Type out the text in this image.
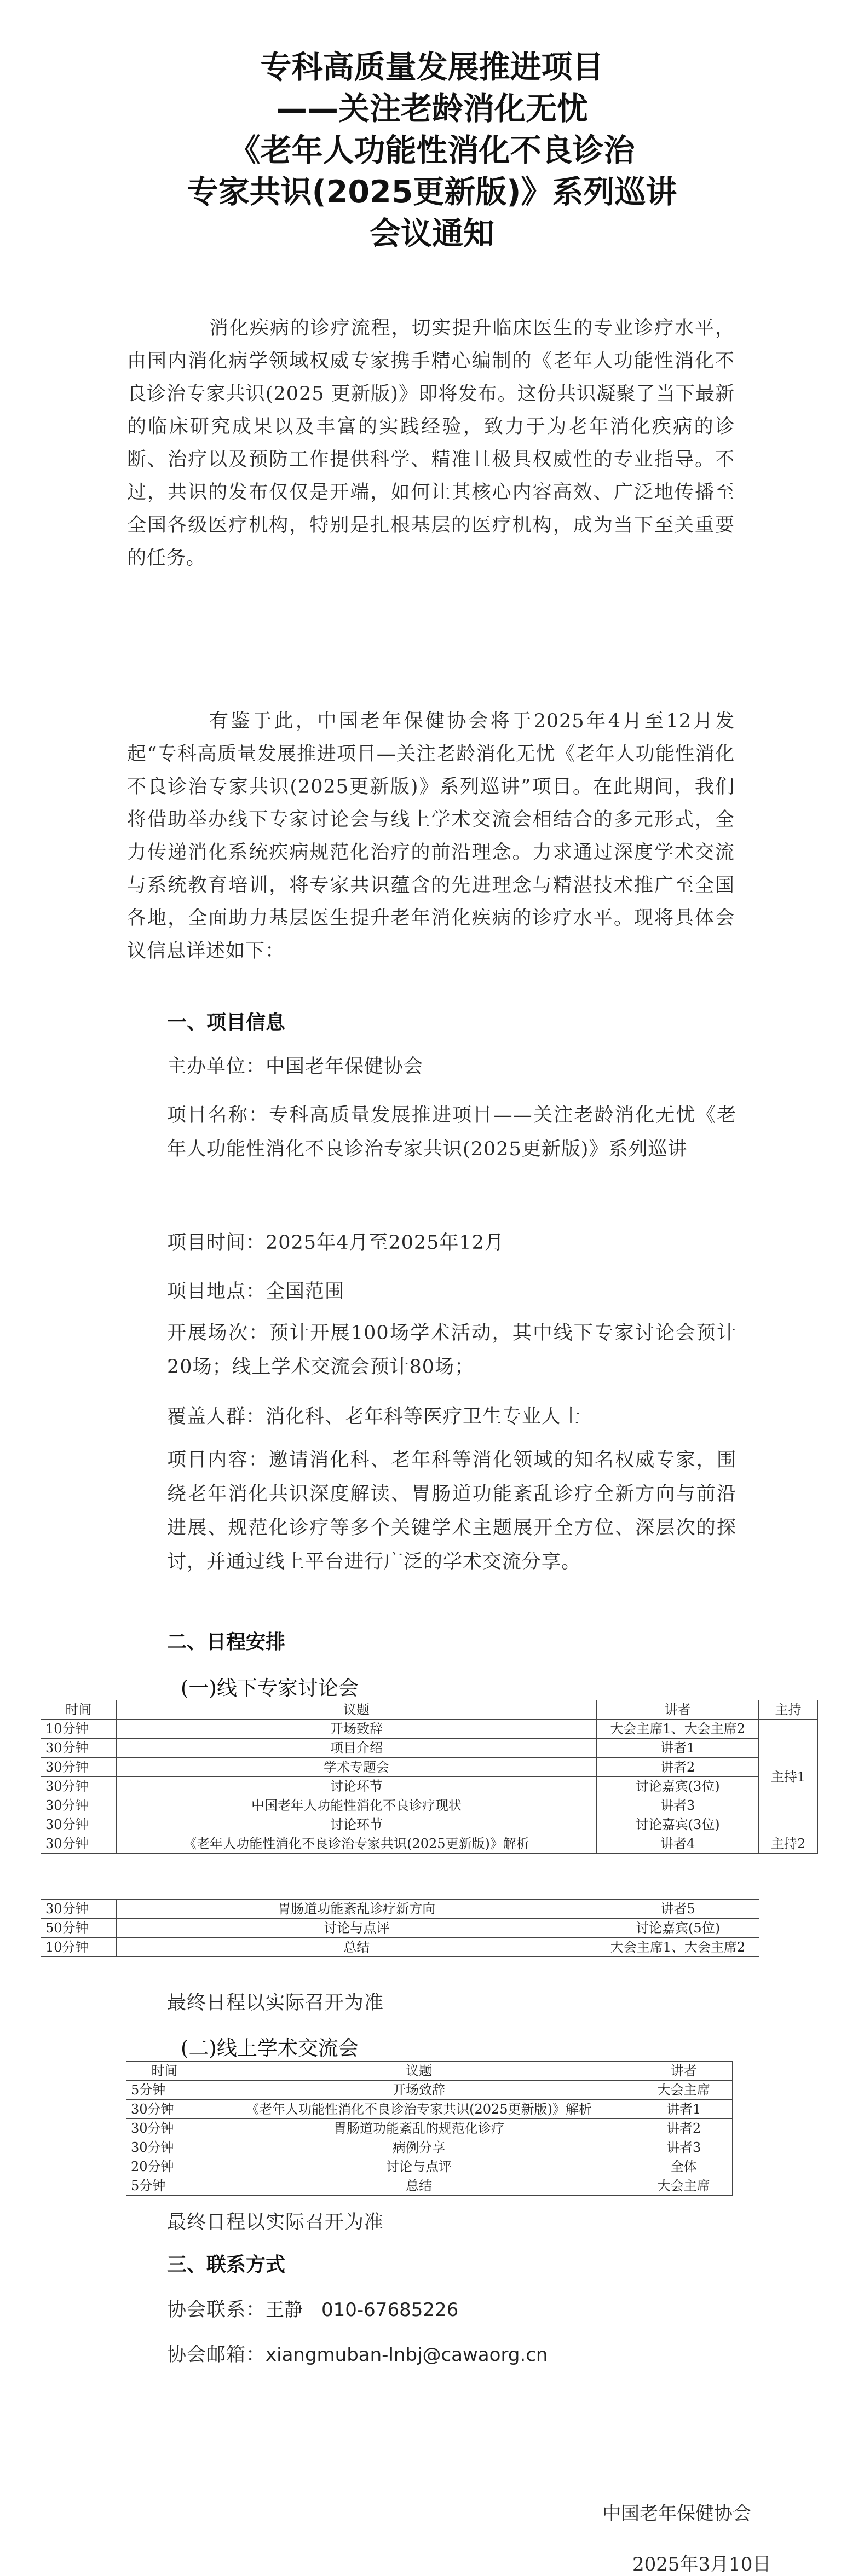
专科高质量发展推进项目
——关注老龄消化无忧
《老年人功能性消化不良诊治
专家共识(2025更新版)》系列巡讲
会议通知
消化疾病的诊疗流程，切实提升临床医生的专业诊疗水平，由国内消化病学领域权威专家携手精心编制的《老年人功能性消化不良诊治专家共识(2025 更新版)》即将发布。这份共识凝聚了当下最新的临床研究成果以及丰富的实践经验，致力于为老年消化疾病的诊断、治疗以及预防工作提供科学、精准且极具权威性的专业指导。不过，共识的发布仅仅是开端，如何让其核心内容高效、广泛地传播至全国各级医疗机构，特别是扎根基层的医疗机构，成为当下至关重要的任务。
有鉴于此，中国老年保健协会将于2025年4月至12月发起“专科高质量发展推进项目—关注老龄消化无忧《老年人功能性消化不良诊治专家共识(2025更新版)》系列巡讲”项目。在此期间，我们将借助举办线下专家讨论会与线上学术交流会相结合的多元形式，全力传递消化系统疾病规范化治疗的前沿理念。力求通过深度学术交流与系统教育培训，将专家共识蕴含的先进理念与精湛技术推广至全国各地，全面助力基层医生提升老年消化疾病的诊疗水平。现将具体会议信息详述如下：
一、项目信息
主办单位：中国老年保健协会
项目名称：专科高质量发展推进项目——关注老龄消化无忧《老年人功能性消化不良诊治专家共识(2025更新版)》系列巡讲
项目时间：2025年4月至2025年12月
项目地点：全国范围
开展场次：预计开展100场学术活动，其中线下专家讨论会预计20场；线上学术交流会预计80场；
覆盖人群：消化科、老年科等医疗卫生专业人士
项目内容：邀请消化科、老年科等消化领域的知名权威专家，围绕老年消化共识深度解读、胃肠道功能紊乱诊疗全新方向与前沿进展、规范化诊疗等多个关键学术主题展开全方位、深层次的探讨，并通过线上平台进行广泛的学术交流分享。
二、日程安排
(一)线下专家讨论会
时间	议题	讲者	主持
10分钟	开场致辞	大会主席1、大会主席2	主持1
30分钟	项目介绍	讲者1	
30分钟	学术专题会	讲者2	
30分钟	讨论环节	讨论嘉宾(3位)	
30分钟	中国老年人功能性消化不良诊疗现状	讲者3	
30分钟	讨论环节	讨论嘉宾(3位)	
30分钟	《老年人功能性消化不良诊治专家共识(2025更新版)》解析	讲者4	主持2
30分钟	胃肠道功能紊乱诊疗新方向	讲者5	
50分钟	讨论与点评	讨论嘉宾(5位)	
10分钟	总结	大会主席1、大会主席2	
最终日程以实际召开为准
(二)线上学术交流会
时间	议题	讲者
5分钟	开场致辞	大会主席
30分钟	《老年人功能性消化不良诊治专家共识(2025更新版)》解析	讲者1
30分钟	胃肠道功能紊乱的规范化诊疗	讲者2
30分钟	病例分享	讲者3
20分钟	讨论与点评	全体
5分钟	总结	大会主席
最终日程以实际召开为准
三、联系方式
协会联系：王静　010-67685226
协会邮箱：xiangmuban-lnbj@cawaorg.cn
中国老年保健协会
2025年3月10日
